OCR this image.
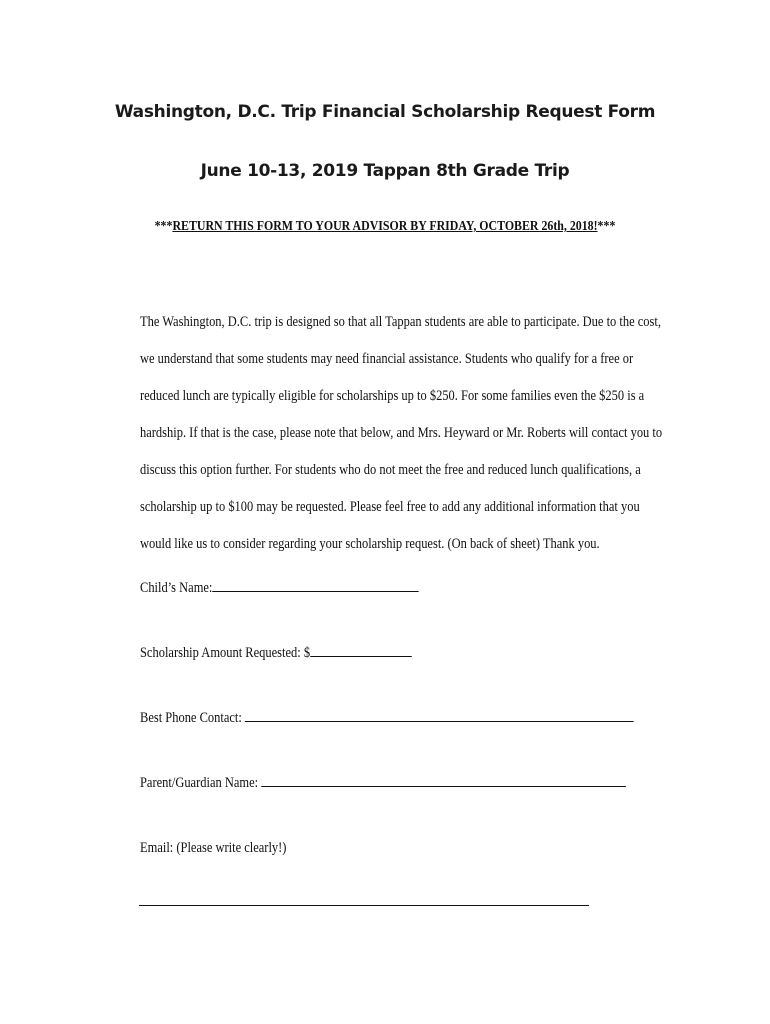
Washington, D.C. Trip Financial Scholarship Request Form
June 10-13, 2019 Tappan 8th Grade Trip
***RETURN THIS FORM TO YOUR ADVISOR BY FRIDAY, OCTOBER 26th, 2018!***
The Washington, D.C. trip is designed so that all Tappan students are able to participate. Due to the cost,
we understand that some students may need financial assistance. Students who qualify for a free or
reduced lunch are typically eligible for scholarships up to $250. For some families even the $250 is a
hardship. If that is the case, please note that below, and Mrs. Heyward or Mr. Roberts will contact you to
discuss this option further. For students who do not meet the free and reduced lunch qualifications, a
scholarship up to $100 may be requested. Please feel free to add any additional information that you
would like us to consider regarding your scholarship request. (On back of sheet) Thank you.
Child’s Name:
Scholarship Amount Requested: $
Best Phone Contact:
Parent/Guardian Name:
Email: (Please write clearly!)
